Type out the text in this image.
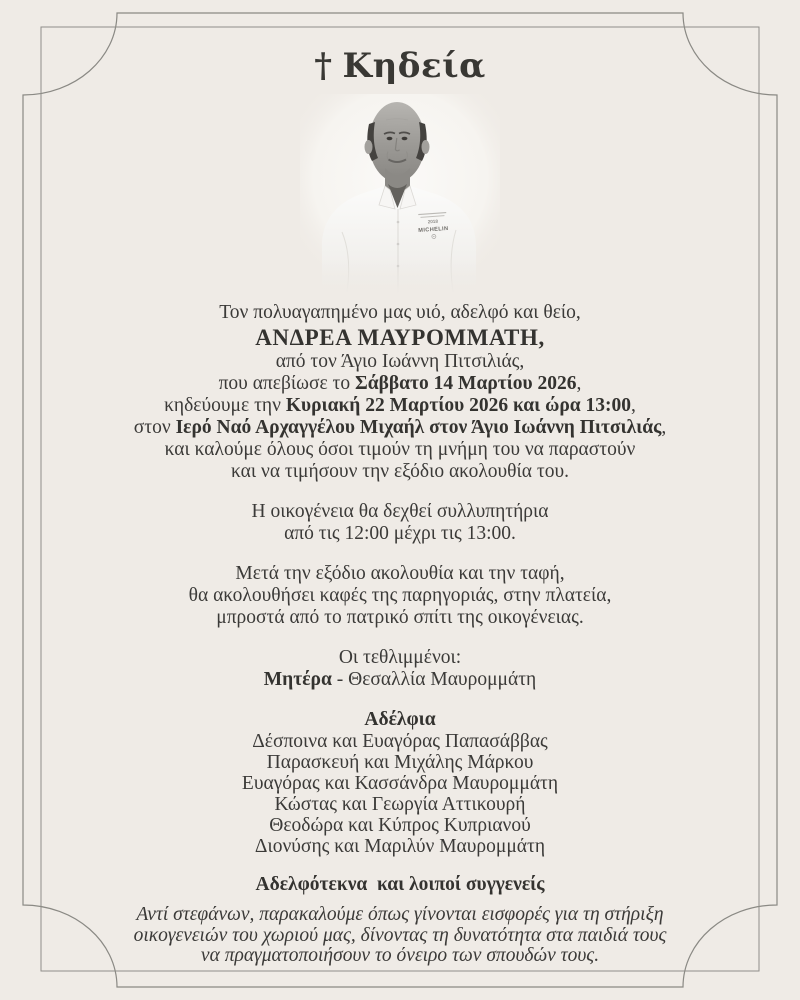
† Κηδεία
2018
MICHELIN
Τον πολυαγαπημένο μας υιό, αδελφό και θείο,
ΑΝΔΡΕΑ ΜΑΥΡΟΜΜΑΤΗ,
από τον Άγιο Ιωάννη Πιτσιλιάς,
που απεβίωσε το Σάββατο 14 Μαρτίου 2026,
κηδεύουμε την Κυριακή 22 Μαρτίου 2026 και ώρα 13:00,
στον Ιερό Ναό Αρχαγγέλου Μιχαήλ στον Άγιο Ιωάννη Πιτσιλιάς,
και καλούμε όλους όσοι τιμούν τη μνήμη του να παραστούν
και να τιμήσουν την εξόδιο ακολουθία του.
Η οικογένεια θα δεχθεί συλλυπητήρια
από τις 12:00 μέχρι τις 13:00.
Μετά την εξόδιο ακολουθία και την ταφή,
θα ακολουθήσει καφές της παρηγοριάς, στην πλατεία,
μπροστά από το πατρικό σπίτι της οικογένειας.
Οι τεθλιμμένοι:
Μητέρα - Θεσαλλία Μαυρομμάτη
Αδέλφια
Δέσποινα και Ευαγόρας Παπασάββας
Παρασκευή και Μιχάλης Μάρκου
Ευαγόρας και Κασσάνδρα Μαυρομμάτη
Κώστας και Γεωργία Αττικουρή
Θεοδώρα και Κύπρος Κυπριανού
Διονύσης και Μαριλύν Μαυρομμάτη
Αδελφότεκνα  και λοιποί συγγενείς
Αντί στεφάνων, παρακαλούμε όπως γίνονται εισφορές για τη στήριξη
οικογενειών του χωριού μας, δίνοντας τη δυνατότητα στα παιδιά τους
να πραγματοποιήσουν το όνειρο των σπουδών τους.
